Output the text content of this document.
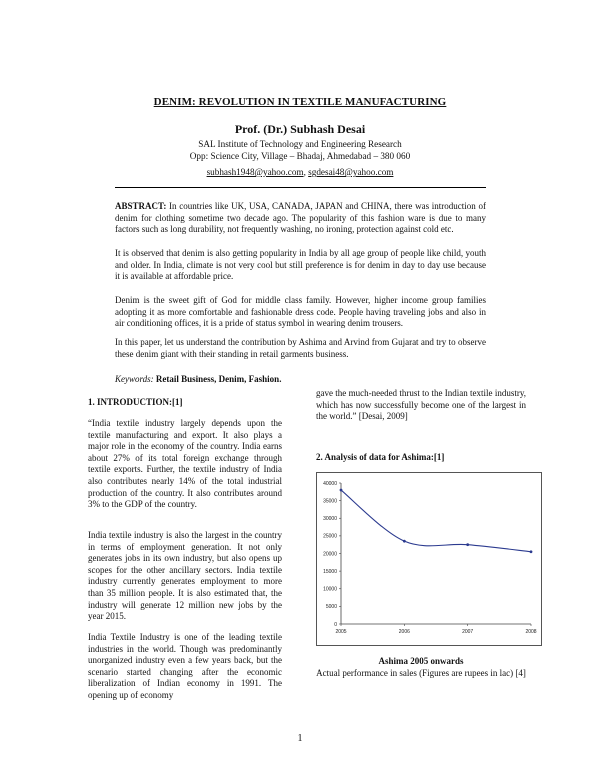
DENIM: REVOLUTION IN TEXTILE MANUFACTURING
Prof. (Dr.) Subhash Desai
SAL Institute of Technology and Engineering Research
Opp: Science City, Village – Bhadaj, Ahmedabad – 380 060
subhash1948@yahoo.com, sgdesai48@yahoo.com
ABSTRACT: In countries like UK, USA, CANADA, JAPAN and CHINA, there was introduction of denim for clothing sometime two decade ago. The popularity of this fashion ware is due to many factors such as long durability, not frequently washing, no ironing, protection against cold etc.
It is observed that denim is also getting popularity in India by all age group of people like child, youth and older. In India, climate is not very cool but still preference is for denim in day to day use because it is available at affordable price.
Denim is the sweet gift of God for middle class family. However, higher income group families adopting it as more comfortable and fashionable dress code. People having traveling jobs and also in air conditioning offices, it is a pride of status symbol in wearing denim trousers.
In this paper, let us understand the contribution by Ashima and Arvind from Gujarat and try to observe these denim giant with their standing in retail garments business.
Keywords: Retail Business, Denim, Fashion.
1. INTRODUCTION:[1]
“India textile industry largely depends upon the textile manufacturing and export. It also plays a major role in the economy of the country. India earns about 27% of its total foreign exchange through textile exports. Further, the textile industry of India also contributes nearly 14% of the total industrial production of the country. It also contributes around 3% to the GDP of the country.
India textile industry is also the largest in the country in terms of employment generation. It not only generates jobs in its own industry, but also opens up scopes for the other ancillary sectors. India textile industry currently generates employment to more than 35 million people. It is also estimated that, the industry will generate 12 million new jobs by the year 2015.
India Textile Industry is one of the leading textile industries in the world. Though was predominantly unorganized industry even a few years back, but the scenario started changing after the economic liberalization of Indian economy in 1991. The opening up of economy
gave the much-needed thrust to the Indian textile industry, which has now successfully become one of the largest in the world.” [Desai, 2009]
2. Analysis of data for Ashima:[1]
0
5000
10000
15000
20000
25000
30000
35000
40000
2005	2006	2007	2008
Ashima 2005 onwards
Actual performance in sales (Figures are rupees in lac) [4]
1
